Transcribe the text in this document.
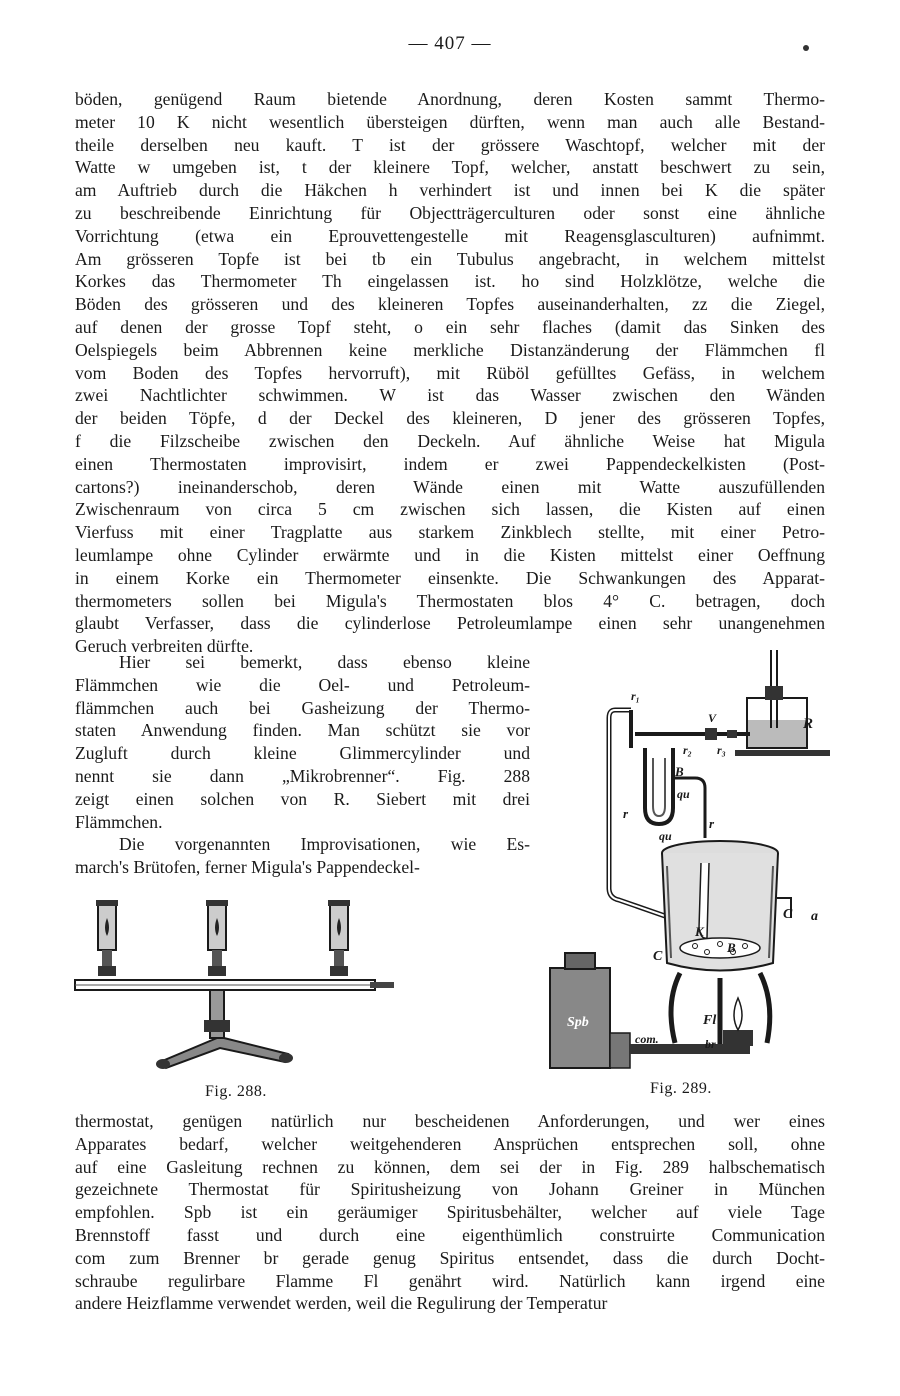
— 407 —
böden, genügend Raum bietende Anordnung, deren Kosten sammt Thermo-
meter 10 K nicht wesentlich übersteigen dürften, wenn man auch alle Bestand-
theile derselben neu kauft. T ist der grössere Waschtopf, welcher mit der
Watte w umgeben ist, t der kleinere Topf, welcher, anstatt beschwert zu sein,
am Auftrieb durch die Häkchen h verhindert ist und innen bei K die später
zu beschreibende Einrichtung für Objectträgerculturen oder sonst eine ähnliche
Vorrichtung (etwa ein Eprouvettengestelle mit Reagensglasculturen) aufnimmt.
Am grösseren Topfe ist bei tb ein Tubulus angebracht, in welchem mittelst
Korkes das Thermometer Th eingelassen ist. ho sind Holzklötze, welche die
Böden des grösseren und des kleineren Topfes auseinanderhalten, zz die Ziegel,
auf denen der grosse Topf steht, o ein sehr flaches (damit das Sinken des
Oelspiegels beim Abbrennen keine merkliche Distanzänderung der Flämmchen fl
vom Boden des Topfes hervorruft), mit Rüböl gefülltes Gefäss, in welchem
zwei Nachtlichter schwimmen. W ist das Wasser zwischen den Wänden
der beiden Töpfe, d der Deckel des kleineren, D jener des grösseren Topfes,
f die Filzscheibe zwischen den Deckeln. Auf ähnliche Weise hat Migula
einen Thermostaten improvisirt, indem er zwei Pappendeckelkisten (Post-
cartons?) ineinanderschob, deren Wände einen mit Watte auszufüllenden
Zwischenraum von circa 5 cm zwischen sich lassen, die Kisten auf einen
Vierfuss mit einer Tragplatte aus starkem Zinkblech stellte, mit einer Petro-
leumlampe ohne Cylinder erwärmte und in die Kisten mittelst einer Oeffnung
in einem Korke ein Thermometer einsenkte. Die Schwankungen des Apparat-
thermometers sollen bei Migula's Thermostaten blos 4° C. betragen, doch
glaubt Verfasser, dass die cylinderlose Petroleumlampe einen sehr unangenehmen
Geruch verbreiten dürfte.
Hier sei bemerkt, dass ebenso kleine
Flämmchen wie die Oel- und Petroleum-
flämmchen auch bei Gasheizung der Thermo-
staten Anwendung finden. Man schützt sie vor
Zugluft durch kleine Glimmercylinder und
nennt sie dann „Mikrobrenner“. Fig. 288
zeigt einen solchen von R. Siebert mit drei
Flämmchen.
Die vorgenannten Improvisationen, wie Es-
march's Brütofen, ferner Migula's Pappendeckel-
Fig. 288.
r₁
V	R
r₂ r₃
B
qu
r
qu
r
C a
K
C
B
Spb	Fl
com.	br
Fig. 289.
thermostat, genügen natürlich nur bescheidenen Anforderungen, und wer eines
Apparates bedarf, welcher weitgehenderen Ansprüchen entsprechen soll, ohne
auf eine Gasleitung rechnen zu können, dem sei der in Fig. 289 halbschematisch
gezeichnete Thermostat für Spiritusheizung von Johann Greiner in München
empfohlen. Spb ist ein geräumiger Spiritusbehälter, welcher auf viele Tage
Brennstoff fasst und durch eine eigenthümlich construirte Communication
com zum Brenner br gerade genug Spiritus entsendet, dass die durch Docht-
schraube regulirbare Flamme Fl genährt wird. Natürlich kann irgend eine
andere Heizflamme verwendet werden, weil die Regulirung der Temperatur
